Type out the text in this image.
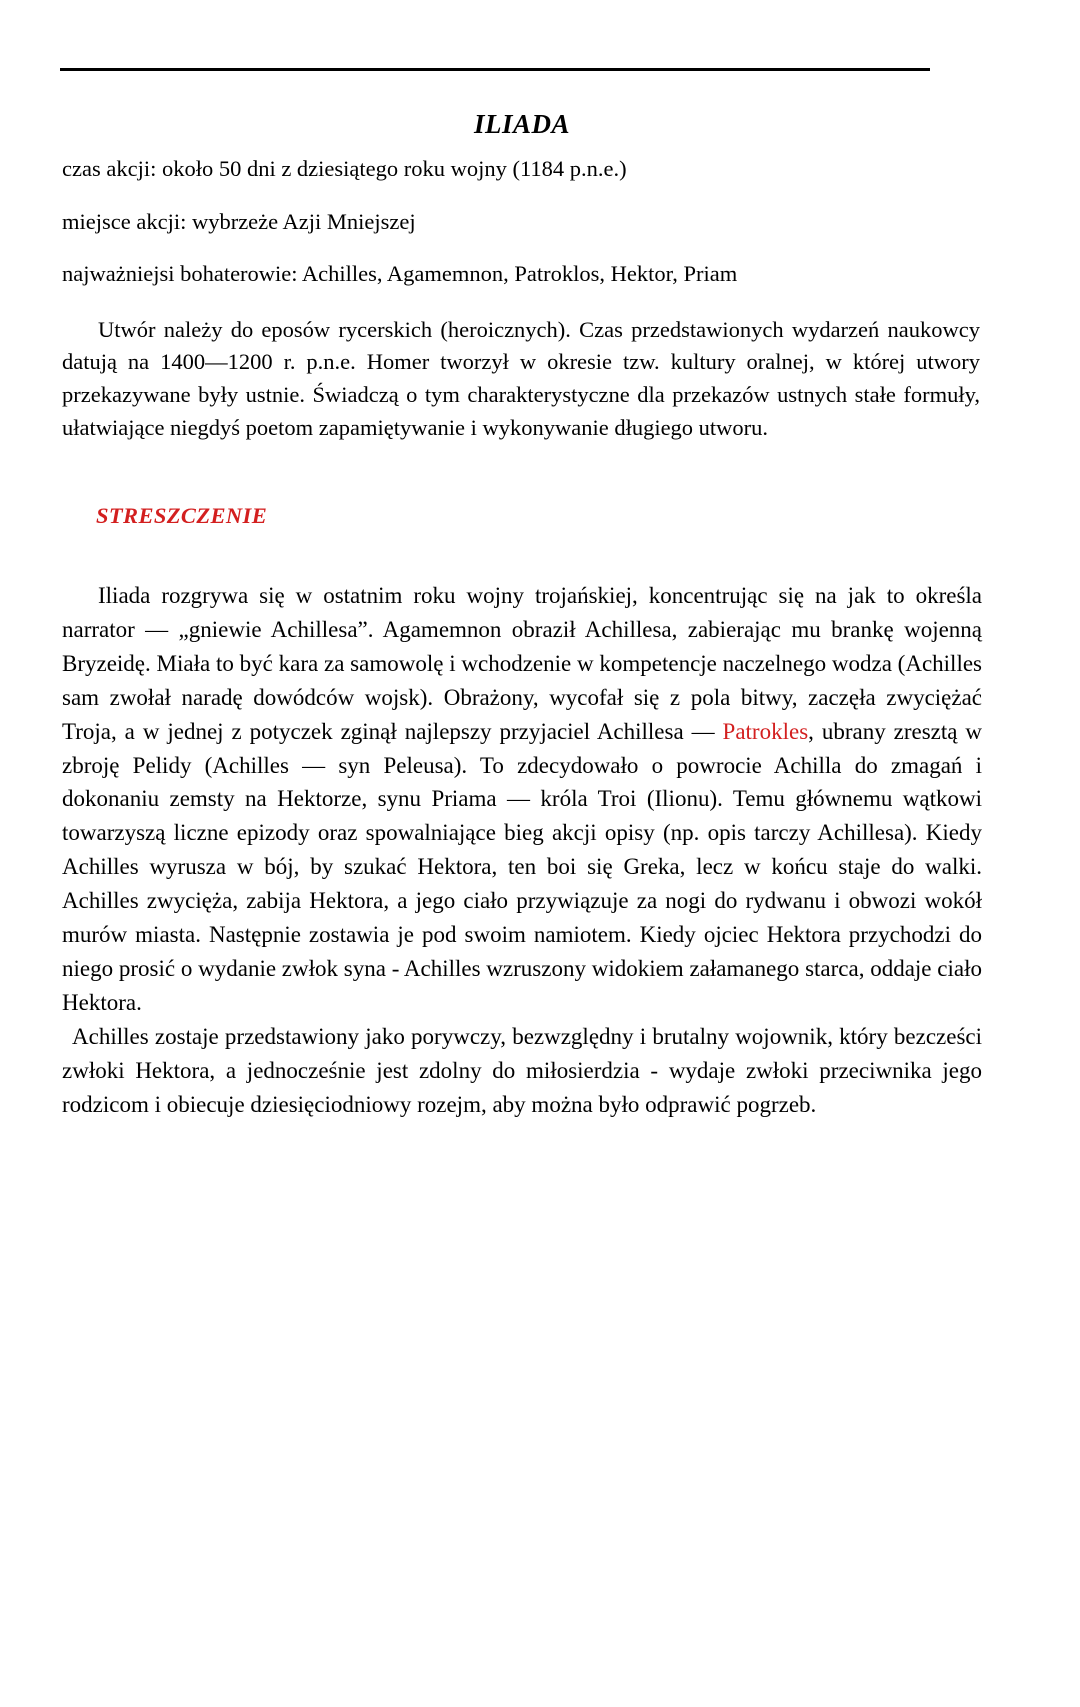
ILIADA

czas akcji: około 50 dni z dziesiątego roku wojny (1184 p.n.e.)

miejsce akcji: wybrzeże Azji Mniejszej

najważniejsi bohaterowie: Achilles, Agamemnon, Patroklos, Hektor, Priam

Utwór należy do eposów rycerskich (heroicznych). Czas przedstawionych wydarzeń naukowcy datują na 1400—1200 r. p.n.e. Homer tworzył w okresie tzw. kultury oralnej, w której utwory przekazywane były ustnie. Świadczą o tym charakterystyczne dla przekazów ustnych stałe formuły, ułatwiające niegdyś poetom zapamiętywanie i wykonywanie długiego utworu.

STRESZCZENIE

Iliada rozgrywa się w ostatnim roku wojny trojańskiej, koncentrując się na jak to określa narrator — „gniewie Achillesa”. Agamemnon obraził Achillesa, zabierając mu brankę wojenną Bryzeidę. Miała to być kara za samowolę i wchodzenie w kompetencje naczelnego wodza (Achilles sam zwołał naradę dowódców wojsk). Obrażony, wycofał się z pola bitwy, zaczęła zwyciężać Troja, a w jednej z potyczek zginął najlepszy przyjaciel Achillesa — Patrokles, ubrany zresztą w zbroję Pelidy (Achilles — syn Peleusa). To zdecydowało o powrocie Achilla do zmagań i dokonaniu zemsty na Hektorze, synu Priama — króla Troi (Ilionu). Temu głównemu wątkowi towarzyszą liczne epizody oraz spowalniające bieg akcji opisy (np. opis tarczy Achillesa). Kiedy Achilles wyrusza w bój, by szukać Hektora, ten boi się Greka, lecz w końcu staje do walki. Achilles zwycięża, zabija Hektora, a jego ciało przywiązuje za nogi do rydwanu i obwozi wokół murów miasta. Następnie zostawia je pod swoim namiotem. Kiedy ojciec Hektora przychodzi do niego prosić o wydanie zwłok syna - Achilles wzruszony widokiem załamanego starca, oddaje ciało Hektora.

Achilles zostaje przedstawiony jako porywczy, bezwzględny i brutalny wojownik, który bezcześci zwłoki Hektora, a jednocześnie jest zdolny do miłosierdzia - wydaje zwłoki przeciwnika jego rodzicom i obiecuje dziesięciodniowy rozejm, aby można było odprawić pogrzeb.
